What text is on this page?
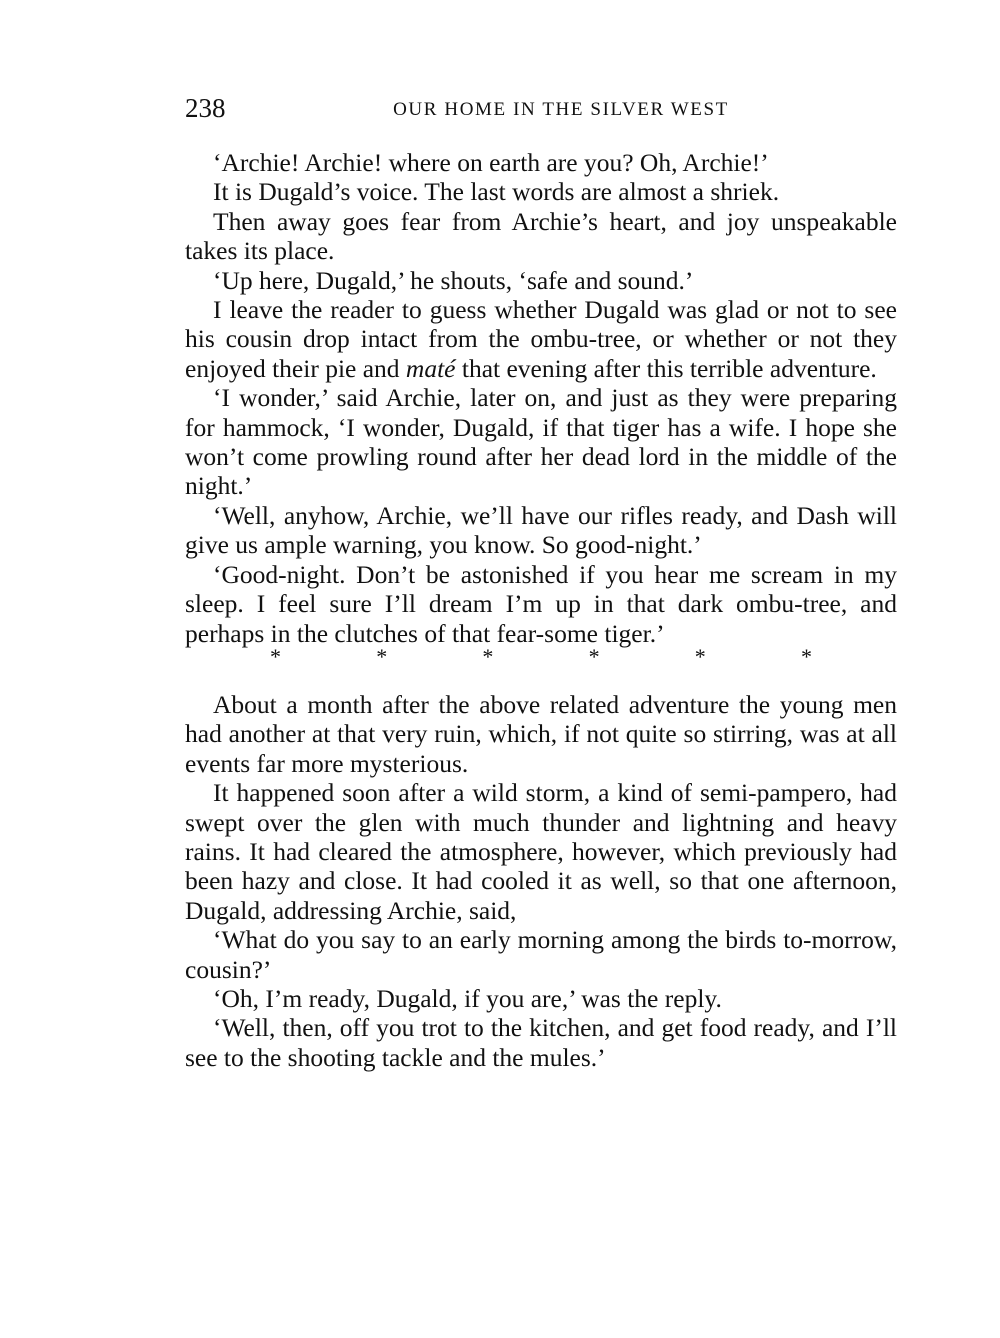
238	OUR HOME IN THE SILVER WEST

‘Archie! Archie! where on earth are you? Oh, Archie!’

It is Dugald’s voice. The last words are almost a shriek.

Then away goes fear from Archie’s heart, and joy unspeakable takes its place.

‘Up here, Dugald,’ he shouts, ‘safe and sound.’

I leave the reader to guess whether Dugald was glad or not to see his cousin drop intact from the ombu-tree, or whether or not they enjoyed their pie and maté that evening after this terrible adventure.

‘I wonder,’ said Archie, later on, and just as they were preparing for hammock, ‘I wonder, Dugald, if that tiger has a wife. I hope she won’t come prowling round after her dead lord in the middle of the night.’

‘Well, anyhow, Archie, we’ll have our rifles ready, and Dash will give us ample warning, you know. So good-night.’

‘Good-night. Don’t be astonished if you hear me scream in my sleep. I feel sure I’ll dream I’m up in that dark ombu-tree, and perhaps in the clutches of that fear-some tiger.’

*	*	*	*	*	*

About a month after the above related adventure the young men had another at that very ruin, which, if not quite so stirring, was at all events far more mysterious.

It happened soon after a wild storm, a kind of semi-pampero, had swept over the glen with much thunder and lightning and heavy rains. It had cleared the atmosphere, however, which previously had been hazy and close. It had cooled it as well, so that one afternoon, Dugald, addressing Archie, said,

‘What do you say to an early morning among the birds to-morrow, cousin?’

‘Oh, I’m ready, Dugald, if you are,’ was the reply.

‘Well, then, off you trot to the kitchen, and get food ready, and I’ll see to the shooting tackle and the mules.’
